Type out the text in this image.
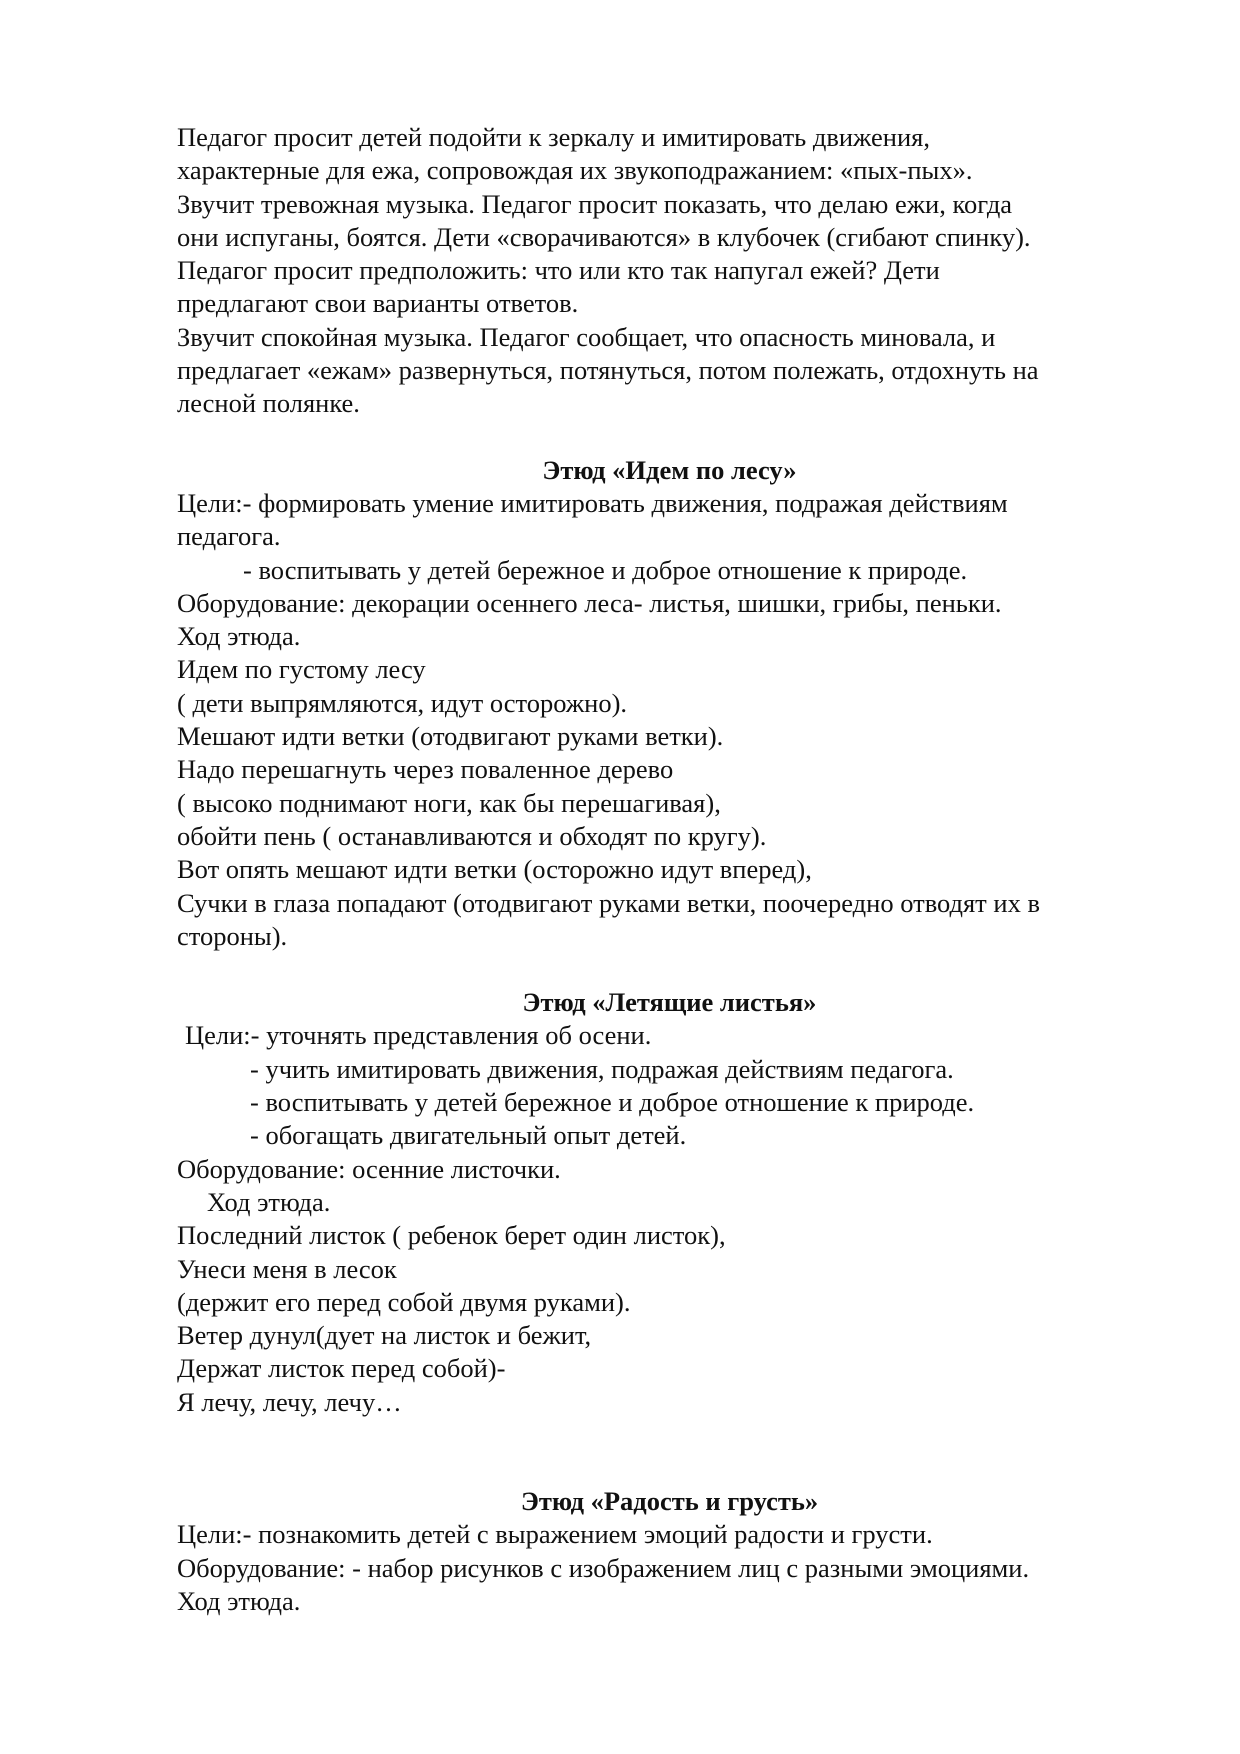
Педагог просит детей подойти к зеркалу и имитировать движения,

характерные для ежа, сопровождая их звукоподражанием: «пых-пых».

Звучит тревожная музыка. Педагог просит показать, что делаю ежи, когда

они испуганы, боятся. Дети «сворачиваются» в клубочек (сгибают спинку).

Педагог просит предположить: что или кто так напугал ежей? Дети

предлагают свои варианты ответов.

Звучит спокойная музыка. Педагог сообщает, что опасность миновала, и

предлагает «ежам» развернуться, потянуться, потом полежать, отдохнуть на

лесной полянке.

Этюд «Идем по лесу»

Цели:- формировать умение имитировать движения, подражая действиям

педагога.

- воспитывать у детей бережное и доброе отношение к природе.

Оборудование: декорации осеннего леса- листья, шишки, грибы, пеньки.

Ход этюда.

Идем по густому лесу

( дети выпрямляются, идут осторожно).

Мешают идти ветки (отодвигают руками ветки).

Надо перешагнуть через поваленное дерево

( высоко поднимают ноги, как бы перешагивая),

обойти пень ( останавливаются и обходят по кругу).

Вот опять мешают идти ветки (осторожно идут вперед),

Сучки в глаза попадают (отодвигают руками ветки, поочередно отводят их в

стороны).

Этюд «Летящие листья»

Цели:- уточнять представления об осени.

- учить имитировать движения, подражая действиям педагога.

- воспитывать у детей бережное и доброе отношение к природе.

- обогащать двигательный опыт детей.

Оборудование: осенние листочки.

Ход этюда.

Последний листок ( ребенок берет один листок),

Унеси меня в лесок

(держит его перед собой двумя руками).

Ветер дунул(дует на листок и бежит,

Держат листок перед собой)-

Я лечу, лечу, лечу…

Этюд «Радость и грусть»

Цели:- познакомить детей с выражением эмоций радости и грусти.

Оборудование: - набор рисунков с изображением лиц с разными эмоциями.

Ход этюда.
